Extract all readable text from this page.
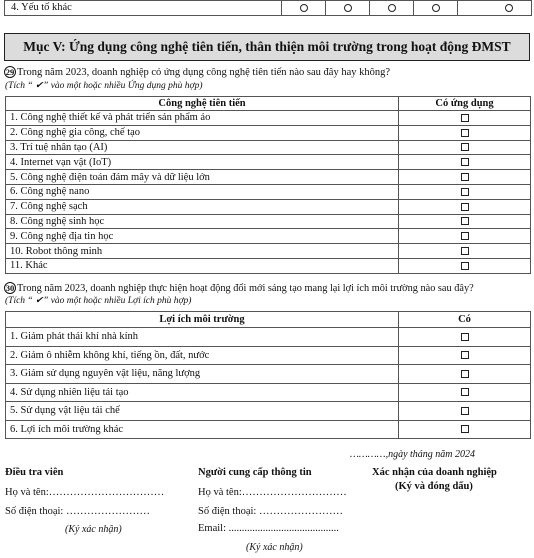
4. Yếu tố khác
Mục V: Ứng dụng công nghệ tiên tiến, thân thiện môi trường trong hoạt động ĐMST
29 Trong năm 2023, doanh nghiệp có ứng dụng công nghệ tiên tiến nào sau đây hay không?
(Tích “ ✔” vào một hoặc nhiều Ứng dụng phù hợp)
Công nghệ tiên tiến	Có ứng dụng
1. Công nghệ thiết kế và phát triển sản phẩm ảo	
2. Công nghệ gia công, chế tạo	
3. Trí tuệ nhân tạo (AI)	
4. Internet vạn vật (IoT)	
5. Công nghệ điện toán đám mây và dữ liệu lớn	
6. Công nghệ nano	
7. Công nghệ sạch	
8. Công nghệ sinh học	
9. Công nghệ địa tin học	
10. Robot thông minh	
11. Khác	
30 Trong năm 2023, doanh nghiệp thực hiện hoạt động đổi mới sáng tạo mang lại lợi ích môi trường nào sau đây?
(Tích “ ✔” vào một hoặc nhiều Lợi ích phù hợp)
Lợi ích môi trường	Có
1. Giảm phát thải khí nhà kính	
2. Giảm ô nhiễm không khí, tiếng ồn, đất, nước	
3. Giảm sử dụng nguyên vật liệu, năng lượng	
4. Sử dụng nhiên liệu tái tạo	
5. Sử dụng vật liệu tái chế	
6. Lợi ích môi trường khác	
…………,ngày tháng năm 2024
Điều tra viên
Họ và tên:……………………………
Số điện thoại: ……………………
(Ký xác nhận)
Người cung cấp thông tin
Họ và tên:…………………………
Số điện thoại: ……………………
Email: ..........................................
(Ký xác nhận)
Xác nhận của doanh nghiệp
(Ký và đóng dấu)
